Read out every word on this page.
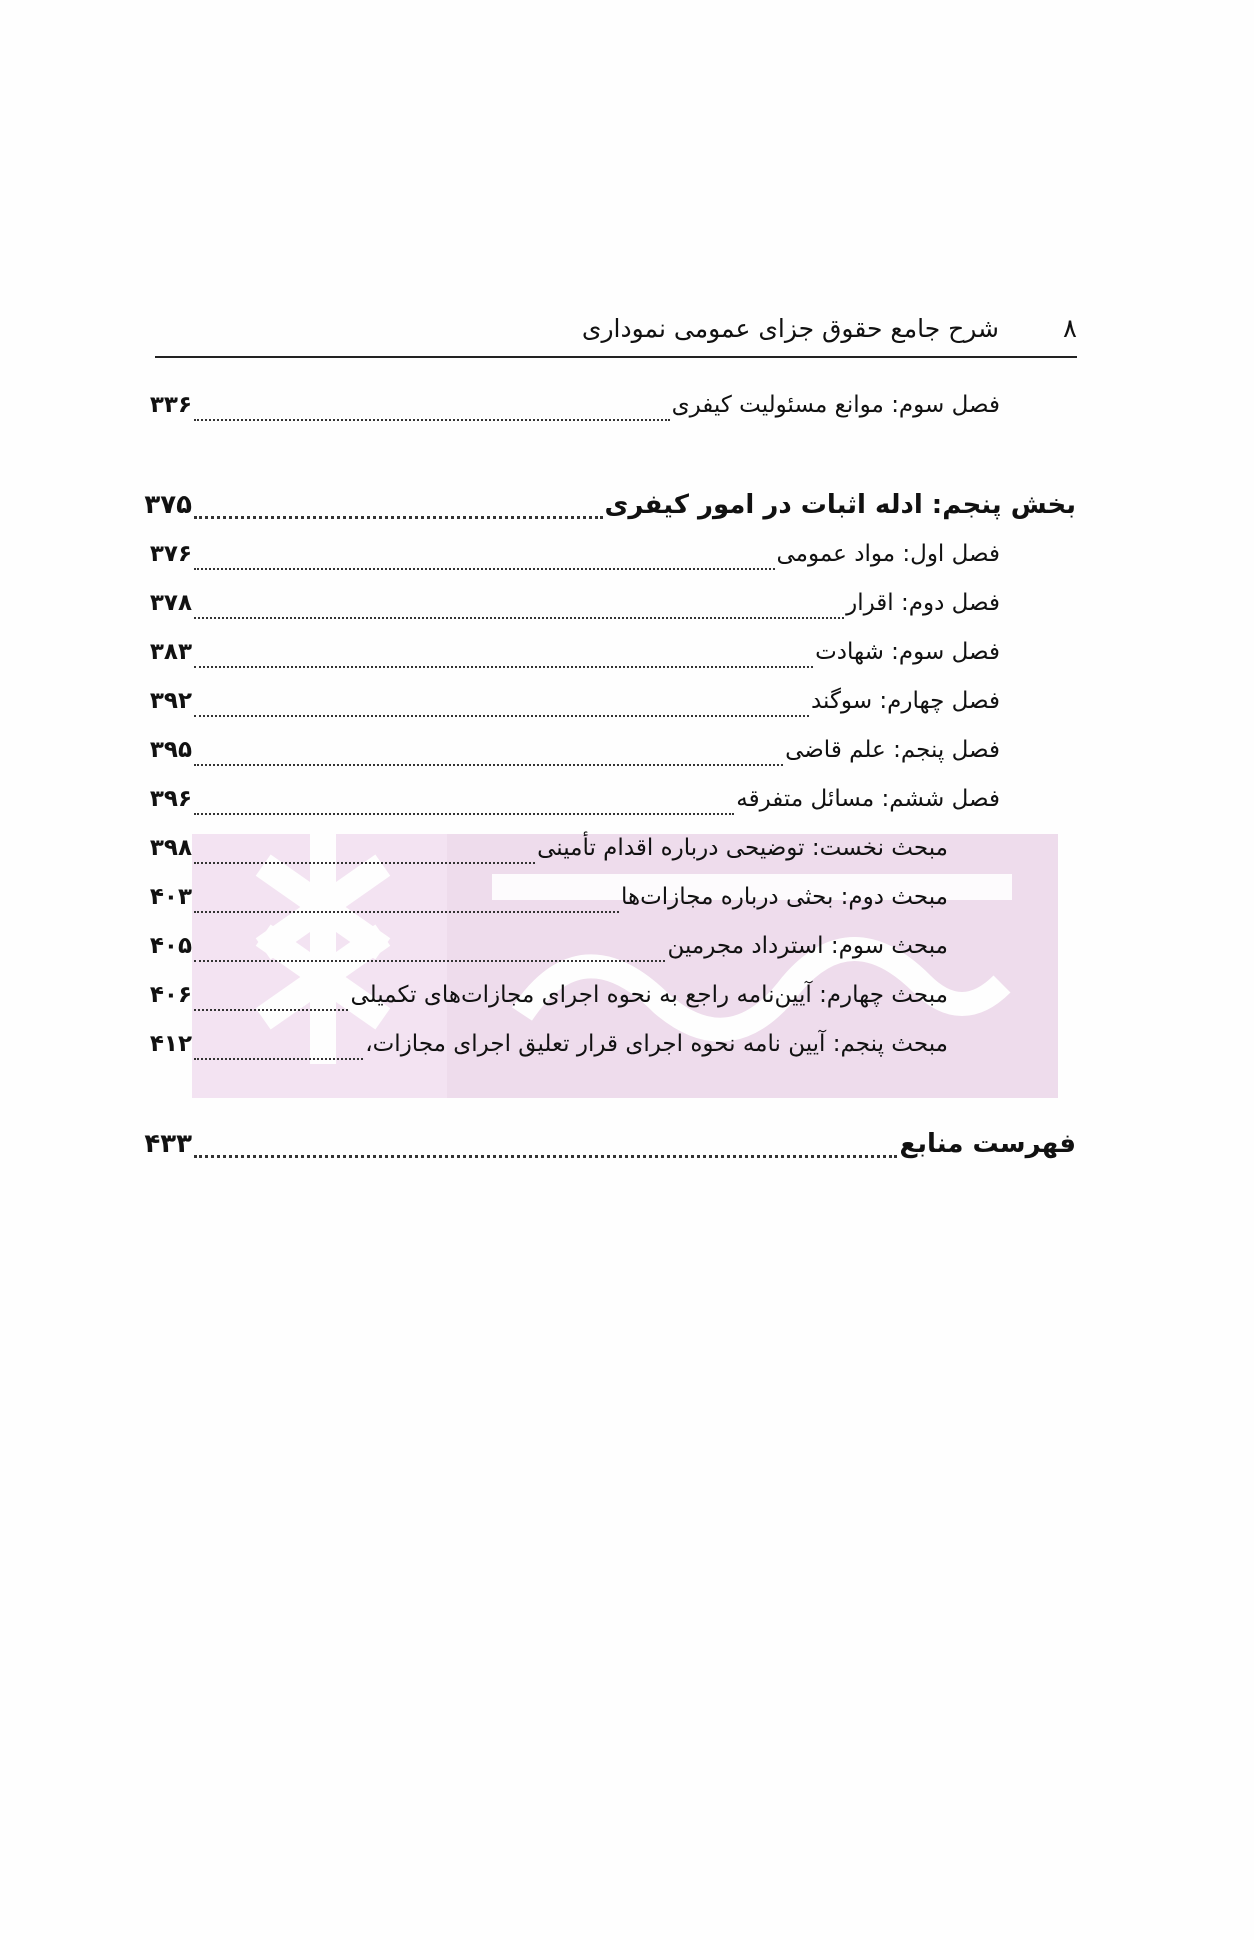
۸
شرح جامع حقوق جزای عمومی نموداری
فصل سوم: موانع مسئولیت کیفری
۳۳۶
بخش پنجم: ادله اثبات در امور کیفری
۳۷۵
فصل اول: مواد عمومی
۳۷۶
فصل دوم: اقرار
۳۷۸
فصل سوم: شهادت
۳۸۳
فصل چهارم: سوگند
۳۹۲
فصل پنجم: علم قاضی
۳۹۵
فصل ششم: مسائل متفرقه
۳۹۶
مبحث نخست: توضیحی درباره اقدام تأمینی
۳۹۸
مبحث دوم: بحثی درباره مجازات‌ها
۴۰۳
مبحث سوم: استرداد مجرمین
۴۰۵
مبحث چهارم: آیین‌نامه راجع به نحوه اجرای مجازات‌های تکمیلی
۴۰۶
مبحث پنجم: آیین نامه نحوه اجرای قرار تعلیق اجرای مجازات،
۴۱۲
فهرست منابع
۴۳۳
